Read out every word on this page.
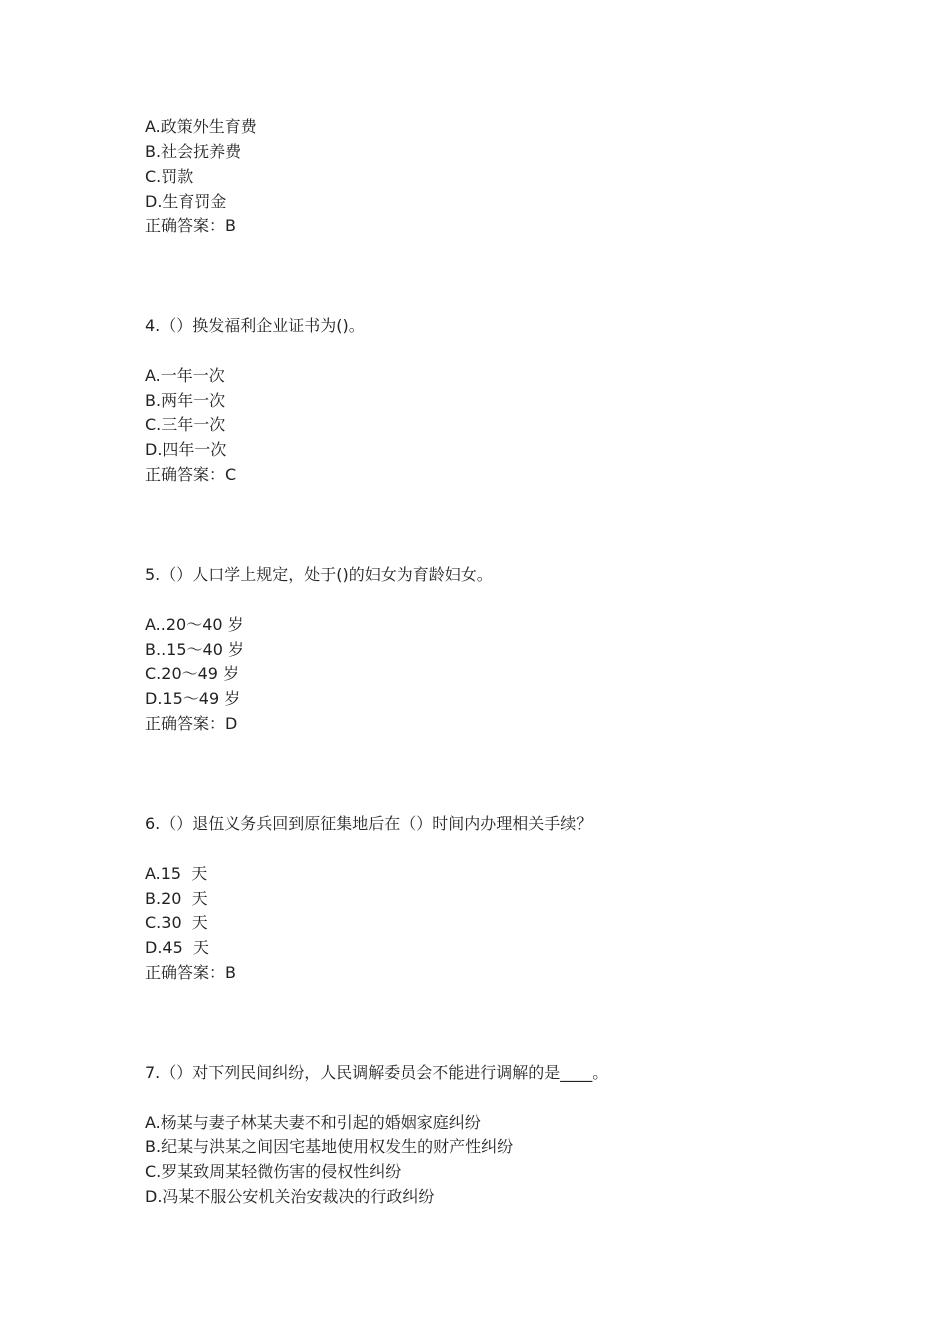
A.政策外生育费
B.社会抚养费
C.罚款
D.生育罚金
正确答案：B
4.（）换发福利企业证书为()。
A.一年一次
B.两年一次
C.三年一次
D.四年一次
正确答案：C
5.（）人口学上规定，处于()的妇女为育龄妇女。
A..20～40 岁
B..15～40 岁
C.20～49 岁
D.15～49 岁
正确答案：D
6.（）退伍义务兵回到原征集地后在（）时间内办理相关手续？
A.15  天
B.20  天
C.30  天
D.45  天
正确答案：B
7.（）对下列民间纠纷，人民调解委员会不能进行调解的是____。
A.杨某与妻子林某夫妻不和引起的婚姻家庭纠纷
B.纪某与洪某之间因宅基地使用权发生的财产性纠纷
C.罗某致周某轻微伤害的侵权性纠纷
D.冯某不服公安机关治安裁决的行政纠纷
